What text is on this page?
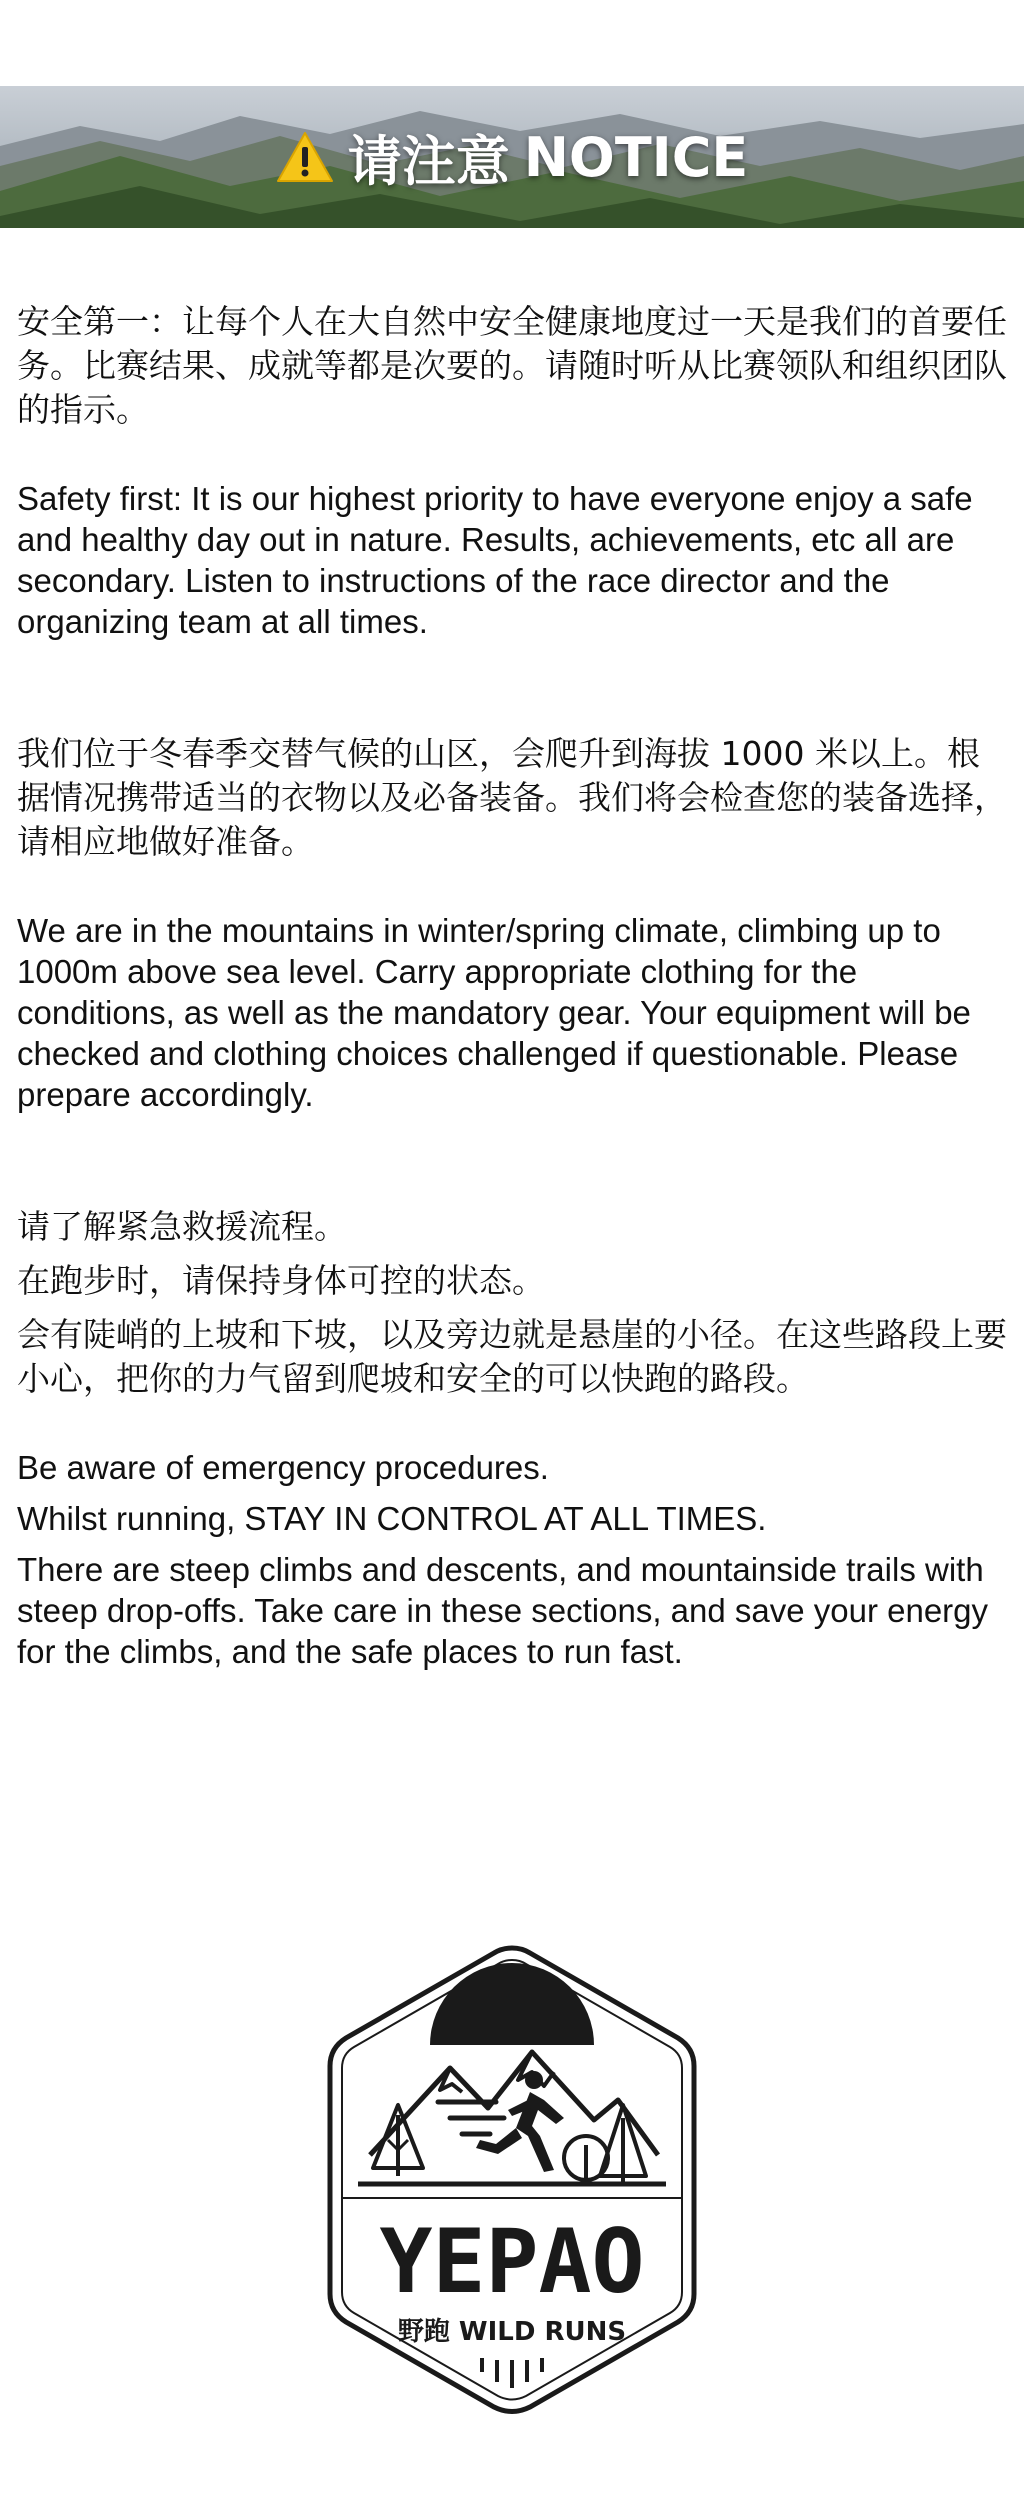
请注意 NOTICE

安全第一：让每个人在大自然中安全健康地度过一天是我们的首要任务。比赛结果、成就等都是次要的。请随时听从比赛领队和组织团队的指示。

Safety first: It is our highest priority to have everyone enjoy a safe and healthy day out in nature. Results, achievements, etc all are secondary. Listen to instructions of the race director and the organizing team at all times.

我们位于冬春季交替气候的山区，会爬升到海拔 1000 米以上。根据情况携带适当的衣物以及必备装备。我们将会检查您的装备选择，请相应地做好准备。

We are in the mountains in winter/spring climate, climbing up to 1000m above sea level. Carry appropriate clothing for the conditions, as well as the mandatory gear. Your equipment will be checked and clothing choices challenged if questionable. Please prepare accordingly.

请了解紧急救援流程。

在跑步时，请保持身体可控的状态。

会有陡峭的上坡和下坡，以及旁边就是悬崖的小径。在这些路段上要小心，把你的力气留到爬坡和安全的可以快跑的路段。

Be aware of emergency procedures.

Whilst running, STAY IN CONTROL AT ALL TIMES.

There are steep climbs and descents, and mountainside trails with steep drop-offs. Take care in these sections, and save your energy for the climbs, and the safe places to run fast.

YEPAO
野跑 WILD RUNS
